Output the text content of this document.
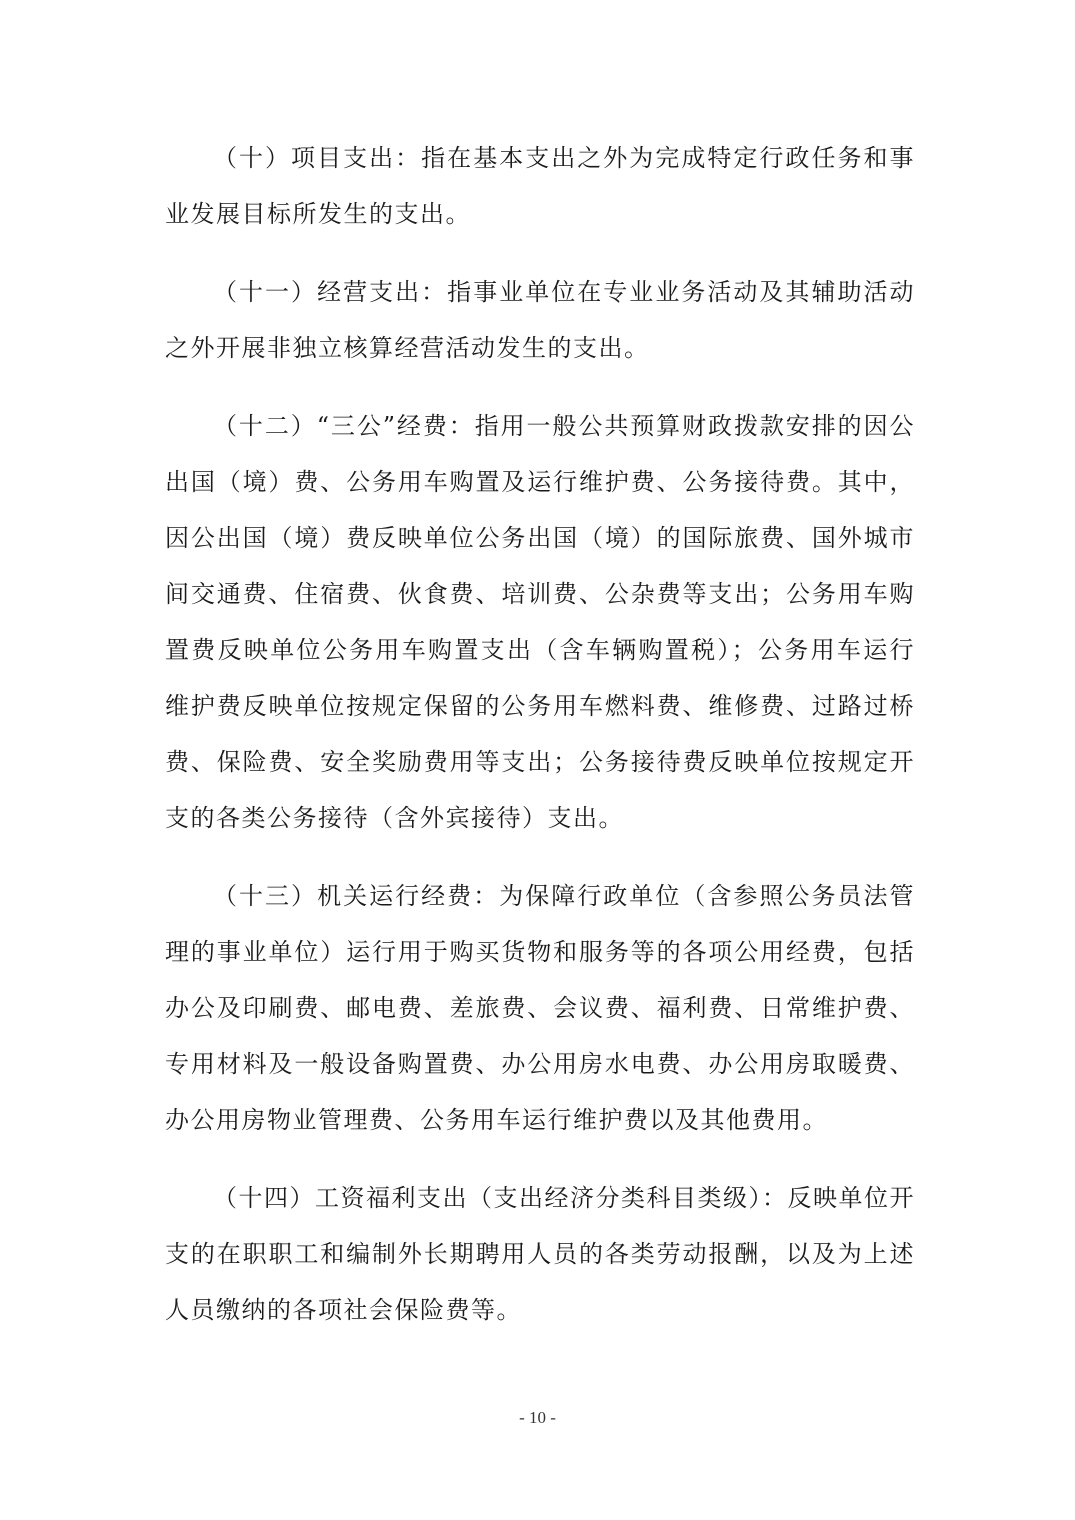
（十）项目支出：指在基本支出之外为完成特定行政任务和事业发展目标所发生的支出。

（十一）经营支出：指事业单位在专业业务活动及其辅助活动之外开展非独立核算经营活动发生的支出。

（十二）“三公”经费：指用一般公共预算财政拨款安排的因公出国（境）费、公务用车购置及运行维护费、公务接待费。其中，因公出国（境）费反映单位公务出国（境）的国际旅费、国外城市间交通费、住宿费、伙食费、培训费、公杂费等支出；公务用车购置费反映单位公务用车购置支出（含车辆购置税）；公务用车运行维护费反映单位按规定保留的公务用车燃料费、维修费、过路过桥费、保险费、安全奖励费用等支出；公务接待费反映单位按规定开支的各类公务接待（含外宾接待）支出。

（十三）机关运行经费：为保障行政单位（含参照公务员法管理的事业单位）运行用于购买货物和服务等的各项公用经费，包括办公及印刷费、邮电费、差旅费、会议费、福利费、日常维护费、专用材料及一般设备购置费、办公用房水电费、办公用房取暖费、办公用房物业管理费、公务用车运行维护费以及其他费用。

（十四）工资福利支出（支出经济分类科目类级）：反映单位开支的在职职工和编制外长期聘用人员的各类劳动报酬，以及为上述人员缴纳的各项社会保险费等。

- 10 -
